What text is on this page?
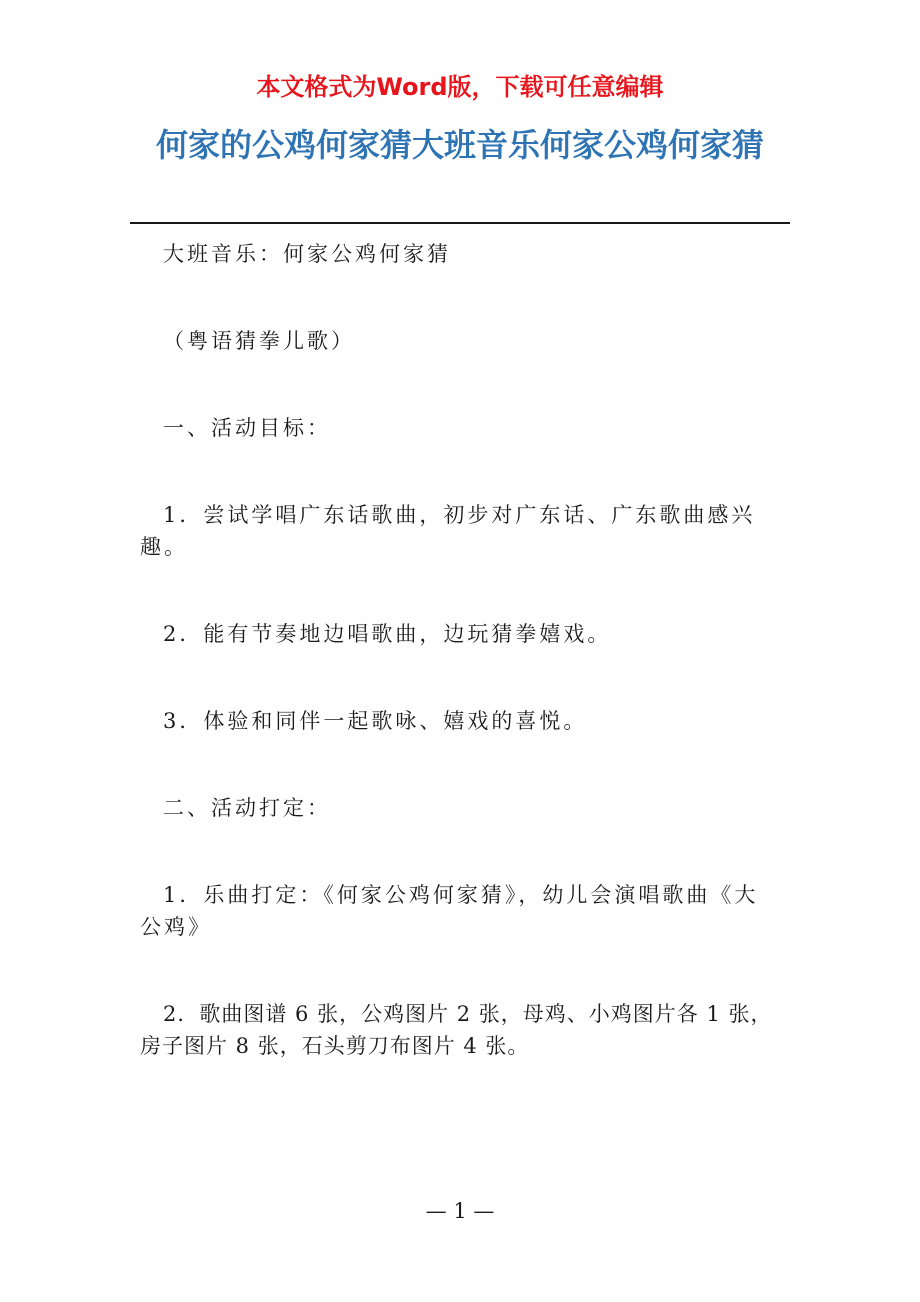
本文格式为Word版，下载可任意编辑
何家的公鸡何家猜大班音乐何家公鸡何家猜

大班音乐：何家公鸡何家猜

（粤语猜拳儿歌）

一、活动目标：

1．尝试学唱广东话歌曲，初步对广东话、广东歌曲感兴趣。

2．能有节奏地边唱歌曲，边玩猜拳嬉戏。

3．体验和同伴一起歌咏、嬉戏的喜悦。

二、活动打定：

1．乐曲打定：《何家公鸡何家猜》，幼儿会演唱歌曲《大公鸡》

2．歌曲图谱 6 张，公鸡图片 2 张，母鸡、小鸡图片各 1 张，房子图片 8 张，石头剪刀布图片 4 张。

— 1 —
